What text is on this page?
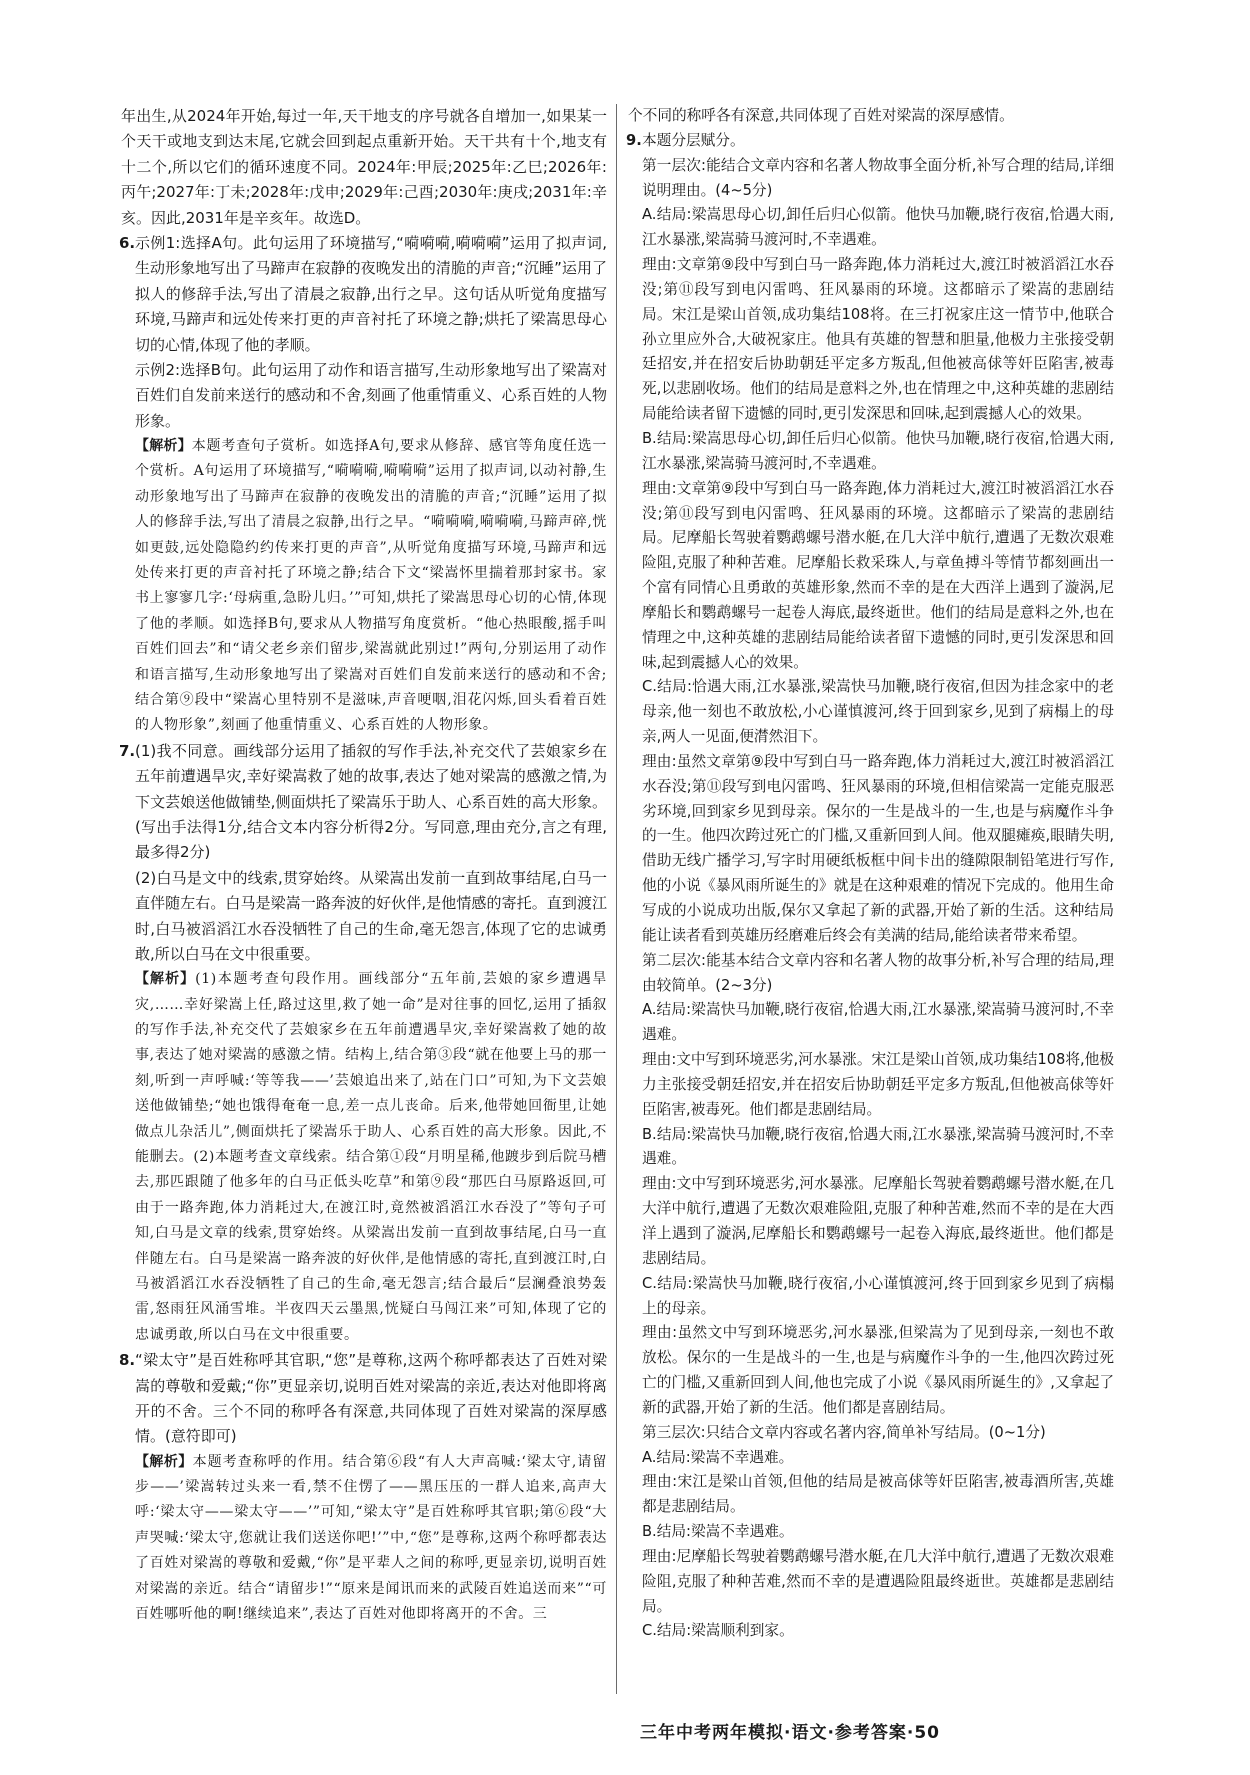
年出生,从2024年开始,每过一年,天干地支的序号就各自增加一,如果某一个天干或地支到达末尾,它就会回到起点重新开始。天干共有十个,地支有十二个,所以它们的循环速度不同。2024年:甲辰;2025年:乙巳;2026年:丙午;2027年:丁未;2028年:戊申;2029年:己酉;2030年:庚戌;2031年:辛亥。因此,2031年是辛亥年。故选D。

6. 示例1:选择A句。此句运用了环境描写,“嗬嗬嗬,嗬嗬嗬”运用了拟声词,生动形象地写出了马蹄声在寂静的夜晚发出的清脆的声音;“沉睡”运用了拟人的修辞手法,写出了清晨之寂静,出行之早。这句话从听觉角度描写环境,马蹄声和远处传来打更的声音衬托了环境之静;烘托了梁嵩思母心切的心情,体现了他的孝顺。

示例2:选择B句。此句运用了动作和语言描写,生动形象地写出了梁嵩对百姓们自发前来送行的感动和不舍,刻画了他重情重义、心系百姓的人物形象。

【解析】本题考查句子赏析。如选择A句,要求从修辞、感官等角度任选一个赏析。A句运用了环境描写,“嗬嗬嗬,嗬嗬嗬”运用了拟声词,以动衬静,生动形象地写出了马蹄声在寂静的夜晚发出的清脆的声音;“沉睡”运用了拟人的修辞手法,写出了清晨之寂静,出行之早。“嗬嗬嗬,嗬嗬嗬,马蹄声碎,恍如更鼓,远处隐隐约约传来打更的声音”,从听觉角度描写环境,马蹄声和远处传来打更的声音衬托了环境之静;结合下文“梁嵩怀里揣着那封家书。家书上寥寥几字:‘母病重,急盼儿归。’”可知,烘托了梁嵩思母心切的心情,体现了他的孝顺。如选择B句,要求从人物描写角度赏析。“他心热眼酸,摇手叫百姓们回去”和“请父老乡亲们留步,梁嵩就此别过!”两句,分别运用了动作和语言描写,生动形象地写出了梁嵩对百姓们自发前来送行的感动和不舍;结合第⑨段中“梁嵩心里特别不是滋味,声音哽咽,泪花闪烁,回头看着百姓的人物形象”,刻画了他重情重义、心系百姓的人物形象。

7. (1)我不同意。画线部分运用了插叙的写作手法,补充交代了芸娘家乡在五年前遭遇旱灾,幸好梁嵩救了她的故事,表达了她对梁嵩的感激之情,为下文芸娘送他做铺垫,侧面烘托了梁嵩乐于助人、心系百姓的高大形象。(写出手法得1分,结合文本内容分析得2分。写同意,理由充分,言之有理,最多得2分)

(2)白马是文中的线索,贯穿始终。从梁嵩出发前一直到故事结尾,白马一直伴随左右。白马是梁嵩一路奔波的好伙伴,是他情感的寄托。直到渡江时,白马被滔滔江水吞没牺牲了自己的生命,毫无怨言,体现了它的忠诚勇敢,所以白马在文中很重要。

【解析】(1)本题考查句段作用。画线部分“五年前,芸娘的家乡遭遇旱灾,……幸好梁嵩上任,路过这里,救了她一命”是对往事的回忆,运用了插叙的写作手法,补充交代了芸娘家乡在五年前遭遇旱灾,幸好梁嵩救了她的故事,表达了她对梁嵩的感激之情。结构上,结合第③段“就在他要上马的那一刻,听到一声呼喊:‘等等我——’芸娘追出来了,站在门口”可知,为下文芸娘送他做铺垫;“她也饿得奄奄一息,差一点儿丧命。后来,他带她回衙里,让她做点儿杂活儿”,侧面烘托了梁嵩乐于助人、心系百姓的高大形象。因此,不能删去。(2)本题考查文章线索。结合第①段“月明星稀,他踱步到后院马槽去,那匹跟随了他多年的白马正低头吃草”和第⑨段“那匹白马原路返回,可由于一路奔跑,体力消耗过大,在渡江时,竟然被滔滔江水吞没了”等句子可知,白马是文章的线索,贯穿始终。从梁嵩出发前一直到故事结尾,白马一直伴随左右。白马是梁嵩一路奔波的好伙伴,是他情感的寄托,直到渡江时,白马被滔滔江水吞没牺牲了自己的生命,毫无怨言;结合最后“层澜叠浪势轰雷,怒雨狂风涌雪堆。半夜四天云墨黑,恍疑白马闯江来”可知,体现了它的忠诚勇敢,所以白马在文中很重要。

8. “梁太守”是百姓称呼其官职,“您”是尊称,这两个称呼都表达了百姓对梁嵩的尊敬和爱戴;“你”更显亲切,说明百姓对梁嵩的亲近,表达对他即将离开的不舍。三个不同的称呼各有深意,共同体现了百姓对梁嵩的深厚感情。(意符即可)

【解析】本题考查称呼的作用。结合第⑥段“有人大声高喊:‘梁太守,请留步——’梁嵩转过头来一看,禁不住愣了——黑压压的一群人追来,高声大呼:‘梁太守——梁太守——’”可知,“梁太守”是百姓称呼其官职;第⑥段“大声哭喊:‘梁太守,您就让我们送送你吧!’”中,“您”是尊称,这两个称呼都表达了百姓对梁嵩的尊敬和爱戴,“你”是平辈人之间的称呼,更显亲切,说明百姓对梁嵩的亲近。结合“请留步!”“原来是闻讯而来的武陵百姓追送而来”“可百姓哪听他的啊!继续追来”,表达了百姓对他即将离开的不舍。三

个不同的称呼各有深意,共同体现了百姓对梁嵩的深厚感情。

9. 本题分层赋分。

第一层次:能结合文章内容和名著人物故事全面分析,补写合理的结局,详细说明理由。(4~5分)

A.结局:梁嵩思母心切,卸任后归心似箭。他快马加鞭,晓行夜宿,恰遇大雨,江水暴涨,梁嵩骑马渡河时,不幸遇难。

理由:文章第⑨段中写到白马一路奔跑,体力消耗过大,渡江时被滔滔江水吞没;第⑪段写到电闪雷鸣、狂风暴雨的环境。这都暗示了梁嵩的悲剧结局。宋江是梁山首领,成功集结108将。在三打祝家庄这一情节中,他联合孙立里应外合,大破祝家庄。他具有英雄的智慧和胆量,他极力主张接受朝廷招安,并在招安后协助朝廷平定多方叛乱,但他被高俅等奸臣陷害,被毒死,以悲剧收场。他们的结局是意料之外,也在情理之中,这种英雄的悲剧结局能给读者留下遗憾的同时,更引发深思和回味,起到震撼人心的效果。

B.结局:梁嵩思母心切,卸任后归心似箭。他快马加鞭,晓行夜宿,恰遇大雨,江水暴涨,梁嵩骑马渡河时,不幸遇难。

理由:文章第⑨段中写到白马一路奔跑,体力消耗过大,渡江时被滔滔江水吞没;第⑪段写到电闪雷鸣、狂风暴雨的环境。这都暗示了梁嵩的悲剧结局。尼摩船长驾驶着鹦鹉螺号潜水艇,在几大洋中航行,遭遇了无数次艰难险阻,克服了种种苦难。尼摩船长救采珠人,与章鱼搏斗等情节都刻画出一个富有同情心且勇敢的英雄形象,然而不幸的是在大西洋上遇到了漩涡,尼摩船长和鹦鹉螺号一起卷人海底,最终逝世。他们的结局是意料之外,也在情理之中,这种英雄的悲剧结局能给读者留下遗憾的同时,更引发深思和回味,起到震撼人心的效果。

C.结局:恰遇大雨,江水暴涨,梁嵩快马加鞭,晓行夜宿,但因为挂念家中的老母亲,他一刻也不敢放松,小心谨慎渡河,终于回到家乡,见到了病榻上的母亲,两人一见面,便潸然泪下。

理由:虽然文章第⑨段中写到白马一路奔跑,体力消耗过大,渡江时被滔滔江水吞没;第⑪段写到电闪雷鸣、狂风暴雨的环境,但相信梁嵩一定能克服恶劣环境,回到家乡见到母亲。保尔的一生是战斗的一生,也是与病魔作斗争的一生。他四次跨过死亡的门槛,又重新回到人间。他双腿瘫痪,眼睛失明,借助无线广播学习,写字时用硬纸板框中间卡出的缝隙限制铅笔进行写作,他的小说《暴风雨所诞生的》就是在这种艰难的情况下完成的。他用生命写成的小说成功出版,保尔又拿起了新的武器,开始了新的生活。这种结局能让读者看到英雄历经磨难后终会有美满的结局,能给读者带来希望。

第二层次:能基本结合文章内容和名著人物的故事分析,补写合理的结局,理由较简单。(2~3分)

A.结局:梁嵩快马加鞭,晓行夜宿,恰遇大雨,江水暴涨,梁嵩骑马渡河时,不幸遇难。

理由:文中写到环境恶劣,河水暴涨。宋江是梁山首领,成功集结108将,他极力主张接受朝廷招安,并在招安后协助朝廷平定多方叛乱,但他被高俅等奸臣陷害,被毒死。他们都是悲剧结局。

B.结局:梁嵩快马加鞭,晓行夜宿,恰遇大雨,江水暴涨,梁嵩骑马渡河时,不幸遇难。

理由:文中写到环境恶劣,河水暴涨。尼摩船长驾驶着鹦鹉螺号潜水艇,在几大洋中航行,遭遇了无数次艰难险阻,克服了种种苦难,然而不幸的是在大西洋上遇到了漩涡,尼摩船长和鹦鹉螺号一起卷入海底,最终逝世。他们都是悲剧结局。

C.结局:梁嵩快马加鞭,晓行夜宿,小心谨慎渡河,终于回到家乡见到了病榻上的母亲。

理由:虽然文中写到环境恶劣,河水暴涨,但梁嵩为了见到母亲,一刻也不敢放松。保尔的一生是战斗的一生,也是与病魔作斗争的一生,他四次跨过死亡的门槛,又重新回到人间,他也完成了小说《暴风雨所诞生的》,又拿起了新的武器,开始了新的生活。他们都是喜剧结局。

第三层次:只结合文章内容或名著内容,简单补写结局。(0~1分)

A.结局:梁嵩不幸遇难。

理由:宋江是梁山首领,但他的结局是被高俅等奸臣陷害,被毒酒所害,英雄都是悲剧结局。

B.结局:梁嵩不幸遇难。

理由:尼摩船长驾驶着鹦鹉螺号潜水艇,在几大洋中航行,遭遇了无数次艰难险阻,克服了种种苦难,然而不幸的是遭遇险阻最终逝世。英雄都是悲剧结局。

C.结局:梁嵩顺利到家。

三年中考两年模拟·语文·参考答案·50
